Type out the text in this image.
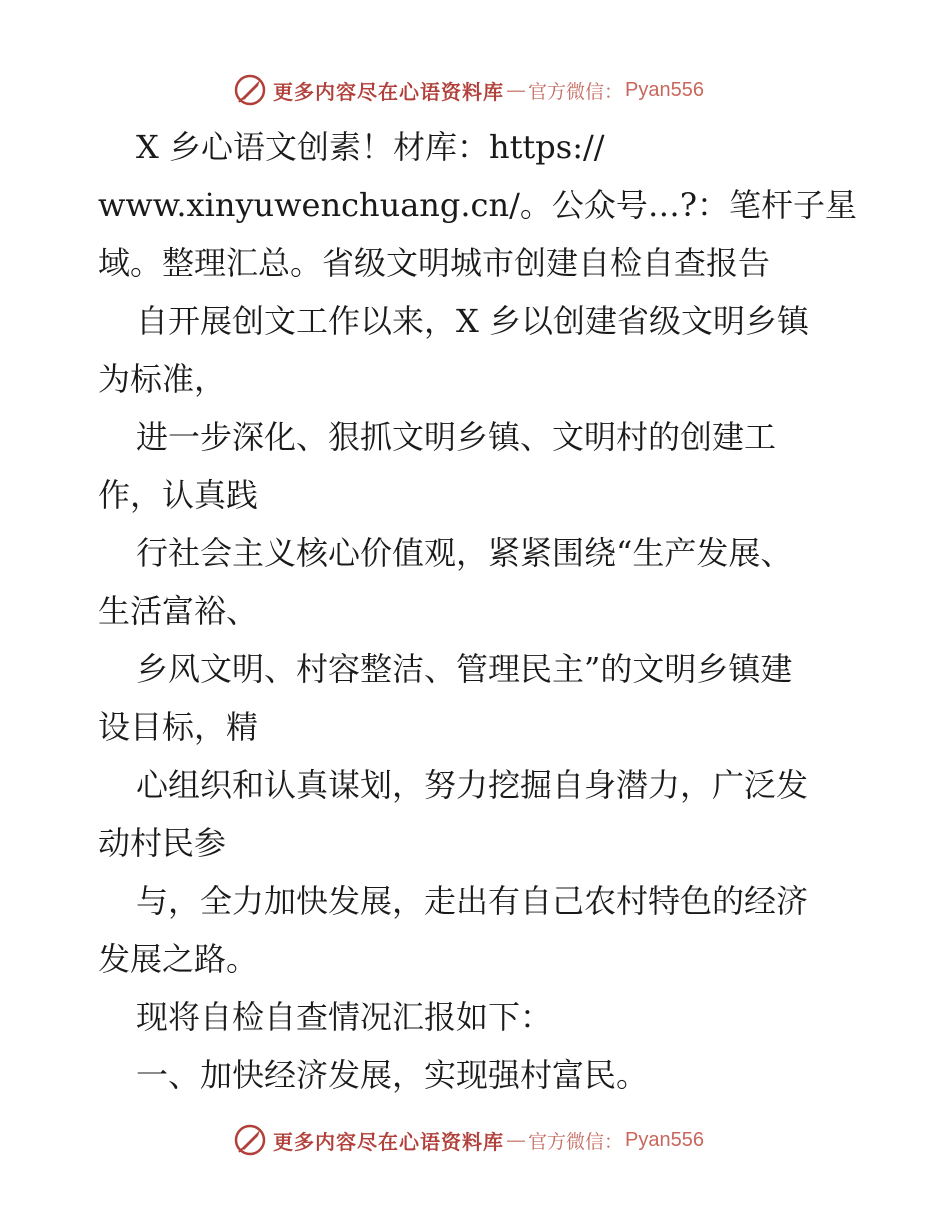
更多内容尽在心语资料库 — 官方微信： Pyan556
X 乡心语文创素！材库：https://
www.xinyuwenchuang.cn/。公众号…?：笔杆子星
域。整理汇总。省级文明城市创建自检自查报告
自开展创文工作以来，X 乡以创建省级文明乡镇
为标准，
进一步深化、狠抓文明乡镇、文明村的创建工
作，认真践
行社会主义核心价值观，紧紧围绕“生产发展、
生活富裕、
乡风文明、村容整洁、管理民主”的文明乡镇建
设目标，精
心组织和认真谋划，努力挖掘自身潜力，广泛发
动村民参
与，全力加快发展，走出有自己农村特色的经济
发展之路。
现将自检自查情况汇报如下：
一、加快经济发展，实现强村富民。
更多内容尽在心语资料库 — 官方微信： Pyan556
